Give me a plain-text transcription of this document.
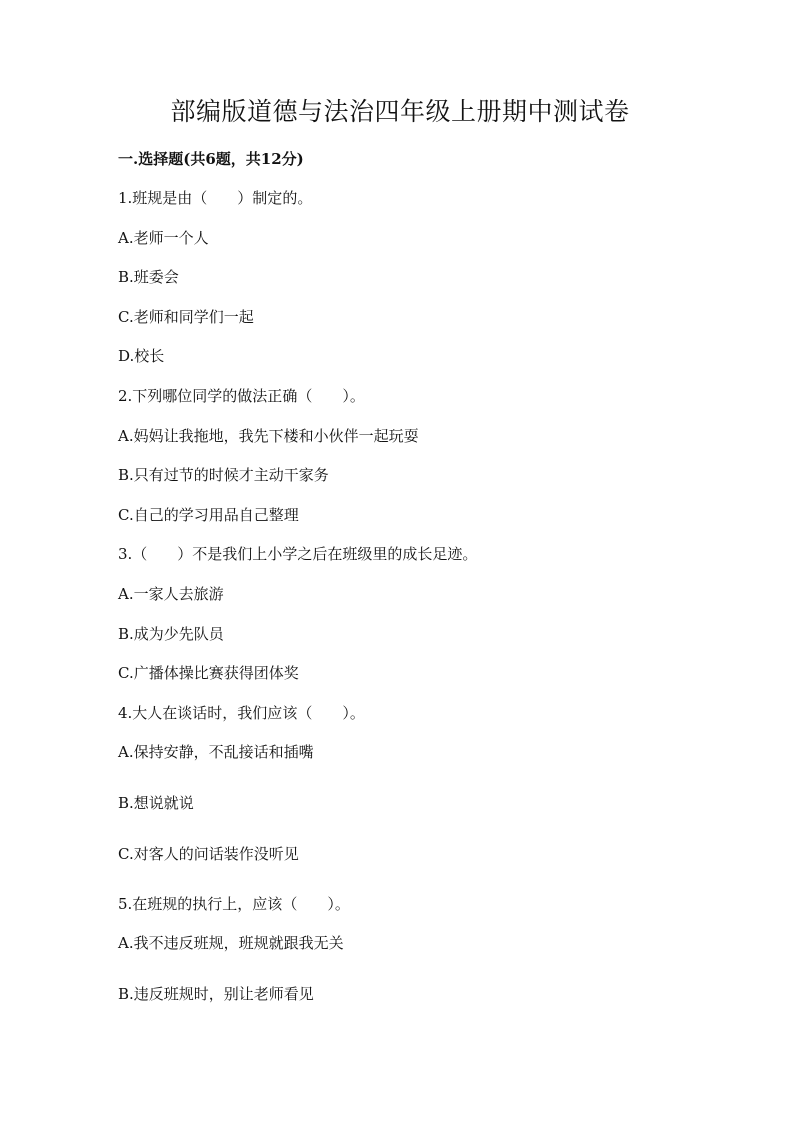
部编版道德与法治四年级上册期中测试卷
一.选择题(共6题，共12分)
1.班规是由（　　）制定的。
A.老师一个人
B.班委会
C.老师和同学们一起
D.校长
2.下列哪位同学的做法正确（　　）。
A.妈妈让我拖地，我先下楼和小伙伴一起玩耍
B.只有过节的时候才主动干家务
C.自己的学习用品自己整理
3.（　　）不是我们上小学之后在班级里的成长足迹。
A.一家人去旅游
B.成为少先队员
C.广播体操比赛获得团体奖
4.大人在谈话时，我们应该（　　）。
A.保持安静，不乱接话和插嘴
B.想说就说
C.对客人的问话装作没听见
5.在班规的执行上，应该（　　）。
A.我不违反班规，班规就跟我无关
B.违反班规时，别让老师看见
